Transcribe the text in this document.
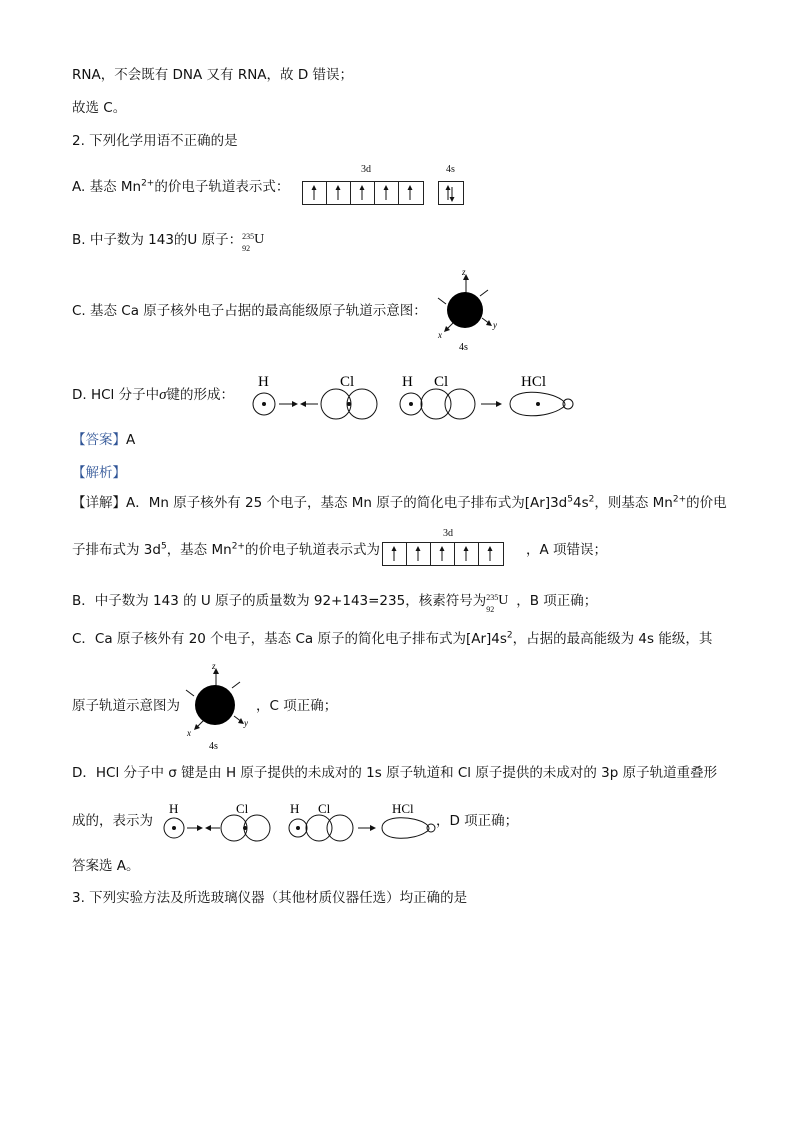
RNA，不会既有 DNA 又有 RNA，故 D 错误；
故选 C。
2. 下列化学用语不正确的是
A. 基态 $Mn^{2+}$的价电子轨道表示式：
3d	4s
B. 中子数为 143的U 原子： 235
92
U
C. 基态 Ca 原子核外电子占据的最高能级原子轨道示意图：
z
y
x
4s
D. HCl 分子中σ键的形成：
H	Cl	H Cl	HCl
【答案】A
【解析】
【详解】A．Mn 原子核外有 25 个电子，基态 Mn 原子的简化电子排布式为$[Ar]3d^54s^2$，则基态 $Mn^{2+}$的价电
子排布式为 $3d^5$，基态 $Mn^{2+}$的价电子轨道表示式为
3d
，A 项错误；
B．中子数为 143 的 U 原子的质量数为 92+143=235，核素符号为 235
92
U ，B 项正确；
C．Ca 原子核外有 20 个电子，基态 Ca 原子的简化电子排布式为$[Ar]4s^2$，占据的最高能级为 4s 能级，其
原子轨道示意图为
z
y
x
4s
，C 项正确；
D．HCl 分子中 σ 键是由 H 原子提供的未成对的 1s 原子轨道和 Cl 原子提供的未成对的 3p 原子轨道重叠形
成的，表示为
H	Cl	H Cl	HCl
，D 项正确；
答案选 A。
3. 下列实验方法及所选玻璃仪器（其他材质仪器任选）均正确的是
